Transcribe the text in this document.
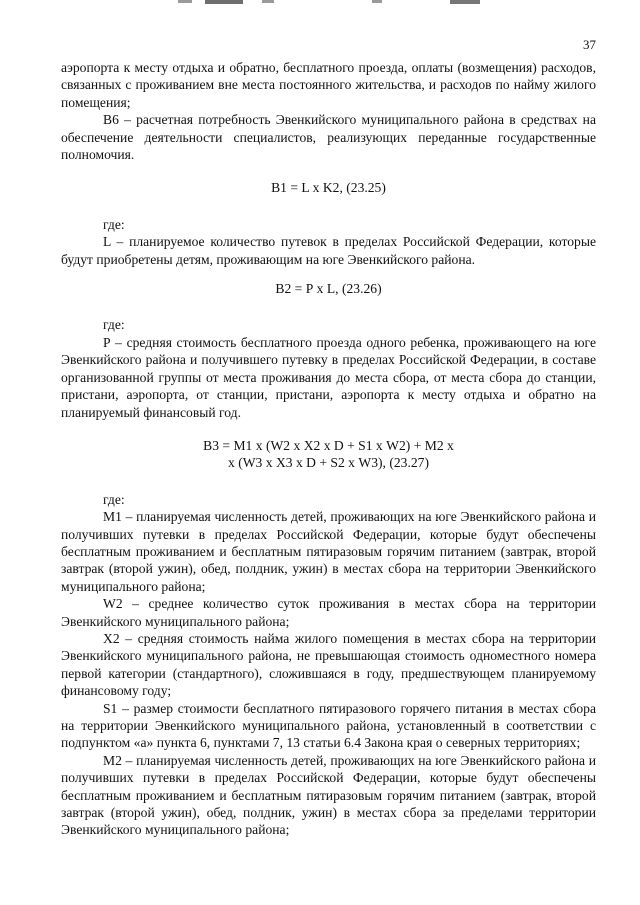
37

аэропорта к месту отдыха и обратно, бесплатного проезда, оплаты (возмещения) расходов, связанных с проживанием вне места постоянного жительства, и расходов по найму жилого помещения;

В6 – расчетная потребность Эвенкийского муниципального района в средствах на обеспечение деятельности специалистов, реализующих переданные государственные полномочия.

В1 = L х K2, (23.25)

где:

L – планируемое количество путевок в пределах Российской Федерации, которые будут приобретены детям, проживающим на юге Эвенкийского района.

В2 = Р х L, (23.26)

где:

Р – средняя стоимость бесплатного проезда одного ребенка, проживающего на юге Эвенкийского района и получившего путевку в пределах Российской Федерации, в составе организованной группы от места проживания до места сбора, от места сбора до станции, пристани, аэропорта, от станции, пристани, аэропорта к месту отдыха и обратно на планируемый финансовый год.

В3 = М1 х (W2 х Х2 х D + S1 х W2) + М2 х

х (W3 х Х3 х D + S2 х W3), (23.27)

где:

М1 – планируемая численность детей, проживающих на юге Эвенкийского района и получивших путевки в пределах Российской Федерации, которые будут обеспечены бесплатным проживанием и бесплатным пятиразовым горячим питанием (завтрак, второй завтрак (второй ужин), обед, полдник, ужин) в местах сбора на территории Эвенкийского муниципального района;

W2 – среднее количество суток проживания в местах сбора на территории Эвенкийского муниципального района;

Х2 – средняя стоимость найма жилого помещения в местах сбора на территории Эвенкийского муниципального района, не превышающая стоимость одноместного номера первой категории (стандартного), сложившаяся в году, предшествующем планируемому финансовому году;

S1 – размер стоимости бесплатного пятиразового горячего питания в местах сбора на территории Эвенкийского муниципального района, установленный в соответствии с подпунктом «а» пункта 6, пунктами 7, 13 статьи 6.4 Закона края о северных территориях;

М2 – планируемая численность детей, проживающих на юге Эвенкийского района и получивших путевки в пределах Российской Федерации, которые будут обеспечены бесплатным проживанием и бесплатным пятиразовым горячим питанием (завтрак, второй завтрак (второй ужин), обед, полдник, ужин) в местах сбора за пределами территории Эвенкийского муниципального района;
